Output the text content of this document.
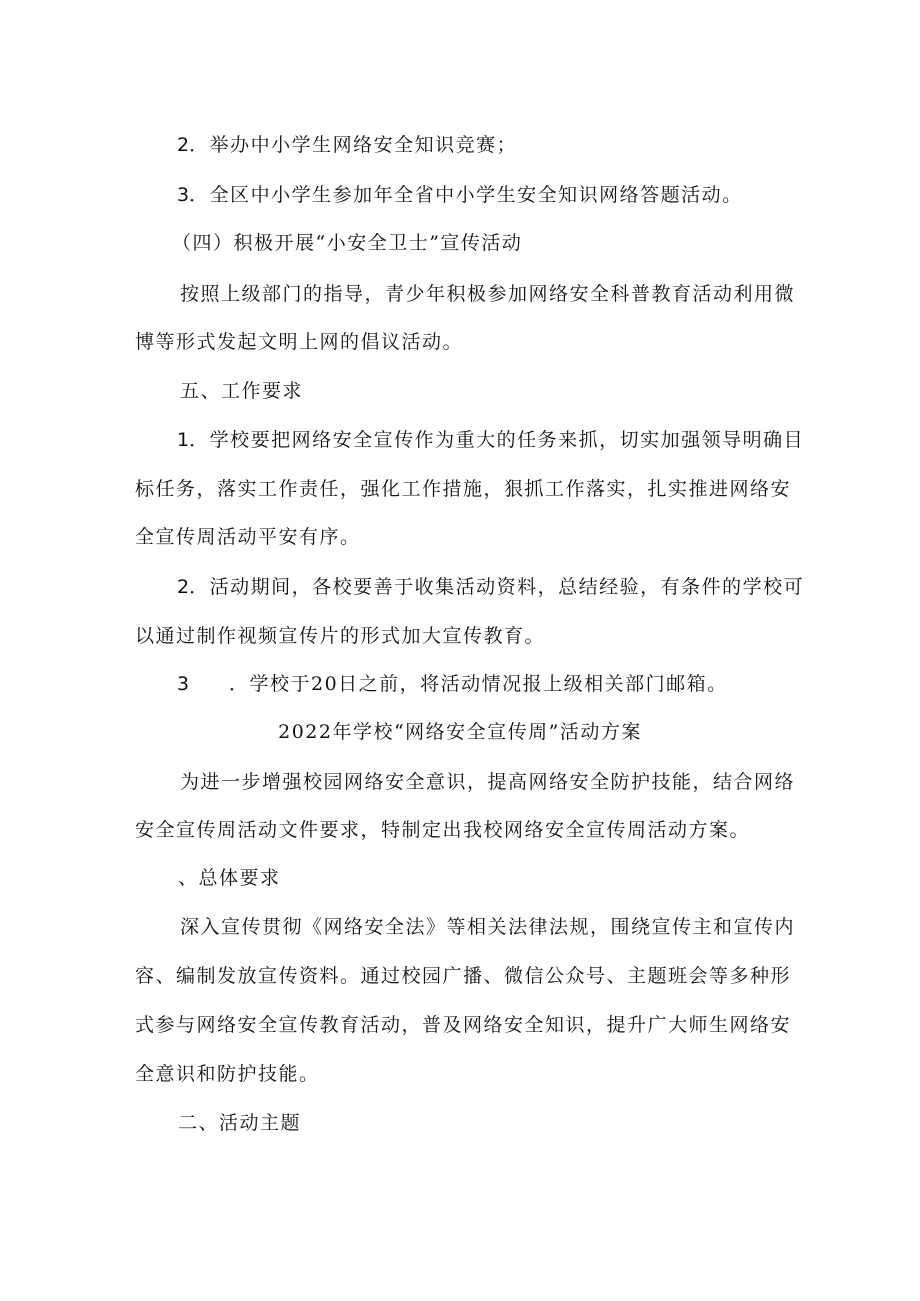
2．举办中小学生网络安全知识竞赛；
3．全区中小学生参加年全省中小学生安全知识网络答题活动。
（四）积极开展“小安全卫士”宣传活动
按照上级部门的指导，青少年积极参加网络安全科普教育活动利用微
博等形式发起文明上网的倡议活动。
五、工作要求
1．学校要把网络安全宣传作为重大的任务来抓，切实加强领导明确目
标任务，落实工作责任，强化工作措施，狠抓工作落实，扎实推进网络安
全宣传周活动平安有序。
2．活动期间，各校要善于收集活动资料，总结经验，有条件的学校可
以通过制作视频宣传片的形式加大宣传教育。
3 ．学校于20日之前，将活动情况报上级相关部门邮箱。
2022年学校“网络安全宣传周”活动方案
为进一步增强校园网络安全意识，提高网络安全防护技能，结合网络
安全宣传周活动文件要求，特制定出我校网络安全宣传周活动方案。
、总体要求
深入宣传贯彻《网络安全法》等相关法律法规，围绕宣传主和宣传内
容、编制发放宣传资料。通过校园广播、微信公众号、主题班会等多种形
式参与网络安全宣传教育活动，普及网络安全知识，提升广大师生网络安
全意识和防护技能。
二、活动主题
